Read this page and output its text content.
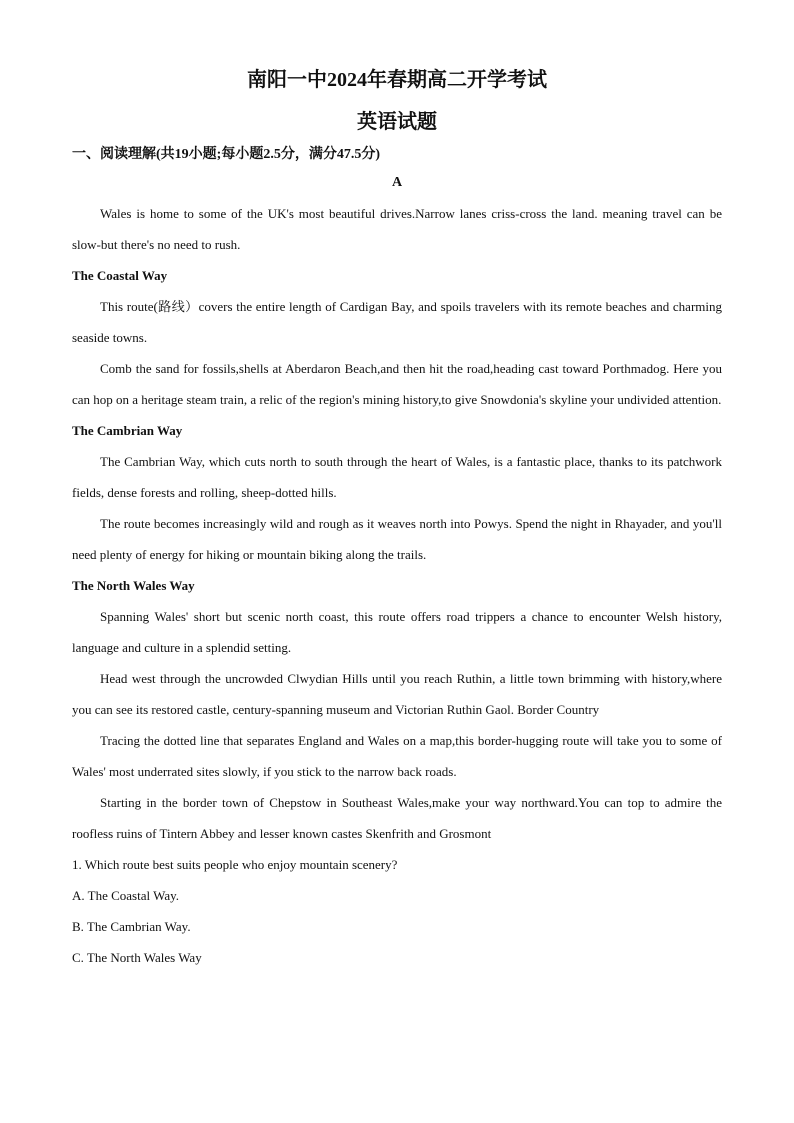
南阳一中2024年春期高二开学考试
英语试题
一、阅读理解(共19小题;每小题2.5分，满分47.5分)
A

Wales is home to some of the UK's most beautiful drives.Narrow lanes criss-cross the land. meaning travel can be slow-but there's no need to rush.

The Coastal Way

This route(路线）covers the entire length of Cardigan Bay, and spoils travelers with its remote beaches and charming seaside towns.

Comb the sand for fossils,shells at Aberdaron Beach,and then hit the road,heading cast toward Porthmadog. Here you can hop on a heritage steam train, a relic of the region's mining history,to give Snowdonia's skyline your undivided attention.

The Cambrian Way

The Cambrian Way, which cuts north to south through the heart of Wales, is a fantastic place, thanks to its patchwork fields, dense forests and rolling, sheep-dotted hills.

The route becomes increasingly wild and rough as it weaves north into Powys. Spend the night in Rhayader, and you'll need plenty of energy for hiking or mountain biking along the trails.

The North Wales Way

Spanning Wales' short but scenic north coast, this route offers road trippers a chance to encounter Welsh history, language and culture in a splendid setting.

Head west through the uncrowded Clwydian Hills until you reach Ruthin, a little town brimming with history,where you can see its restored castle, century-spanning museum and Victorian Ruthin Gaol. Border Country

Tracing the dotted line that separates England and Wales on a map,this border-hugging route will take you to some of Wales' most underrated sites slowly, if you stick to the narrow back roads.

Starting in the border town of Chepstow in Southeast Wales,make your way northward.You can top to admire the roofless ruins of Tintern Abbey and lesser known castes Skenfrith and Grosmont

1. Which route best suits people who enjoy mountain scenery?

A. The Coastal Way.

B. The Cambrian Way.

C. The North Wales Way
